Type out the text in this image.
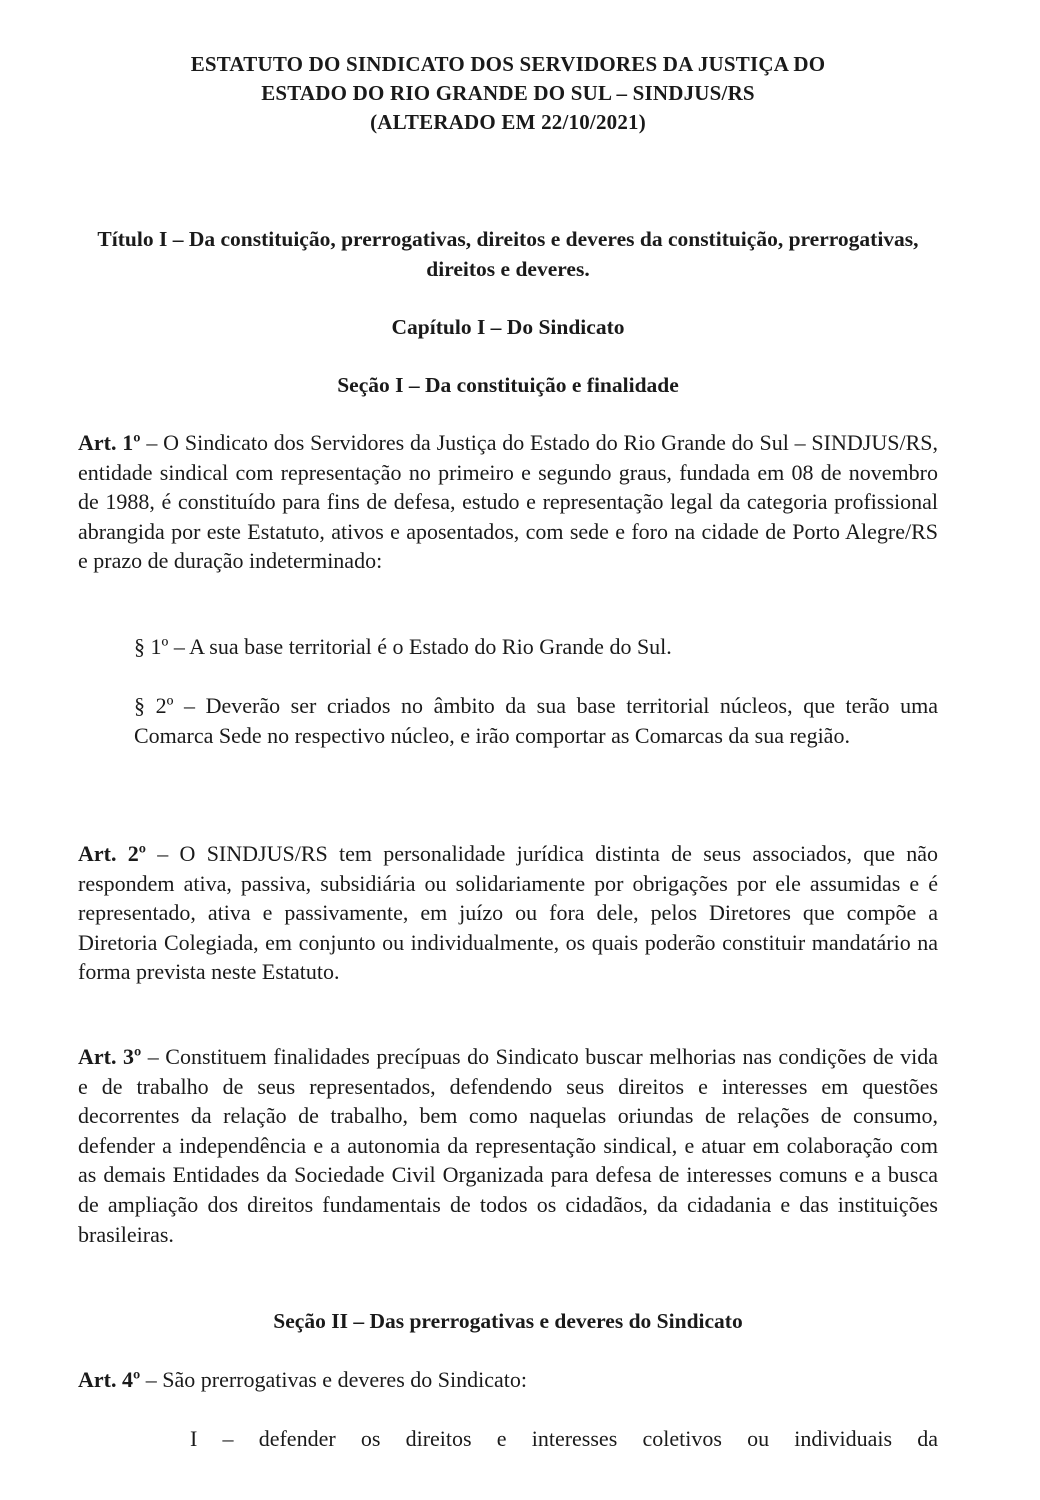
ESTATUTO DO SINDICATO DOS SERVIDORES DA JUSTIÇA DO
ESTADO DO RIO GRANDE DO SUL – SINDJUS/RS
(ALTERADO EM 22/10/2021)
Título I – Da constituição, prerrogativas, direitos e deveres da constituição, prerrogativas, direitos e deveres.
Capítulo I – Do Sindicato
Seção I – Da constituição e finalidade
Art. 1º – O Sindicato dos Servidores da Justiça do Estado do Rio Grande do Sul – SINDJUS/RS, entidade sindical com representação no primeiro e segundo graus, fundada em 08 de novembro de 1988, é constituído para fins de defesa, estudo e representação legal da categoria profissional abrangida por este Estatuto, ativos e aposentados, com sede e foro na cidade de Porto Alegre/RS e prazo de duração indeterminado:
§ 1º – A sua base territorial é o Estado do Rio Grande do Sul.
§ 2º – Deverão ser criados no âmbito da sua base territorial núcleos, que terão uma Comarca Sede no respectivo núcleo, e irão comportar as Comarcas da sua região.
Art. 2º – O SINDJUS/RS tem personalidade jurídica distinta de seus associados, que não respondem ativa, passiva, subsidiária ou solidariamente por obrigações por ele assumidas e é representado, ativa e passivamente, em juízo ou fora dele, pelos Diretores que compõe a Diretoria Colegiada, em conjunto ou individualmente, os quais poderão constituir mandatário na forma prevista neste Estatuto.
Art. 3º – Constituem finalidades precípuas do Sindicato buscar melhorias nas condições de vida e de trabalho de seus representados, defendendo seus direitos e interesses em questões decorrentes da relação de trabalho, bem como naquelas oriundas de relações de consumo, defender a independência e a autonomia da representação sindical, e atuar em colaboração com as demais Entidades da Sociedade Civil Organizada para defesa de interesses comuns e a busca de ampliação dos direitos fundamentais de todos os cidadãos, da cidadania e das instituições brasileiras.
Seção II – Das prerrogativas e deveres do Sindicato
Art. 4º – São prerrogativas e deveres do Sindicato:
I – defender os direitos e interesses coletivos ou individuais da
